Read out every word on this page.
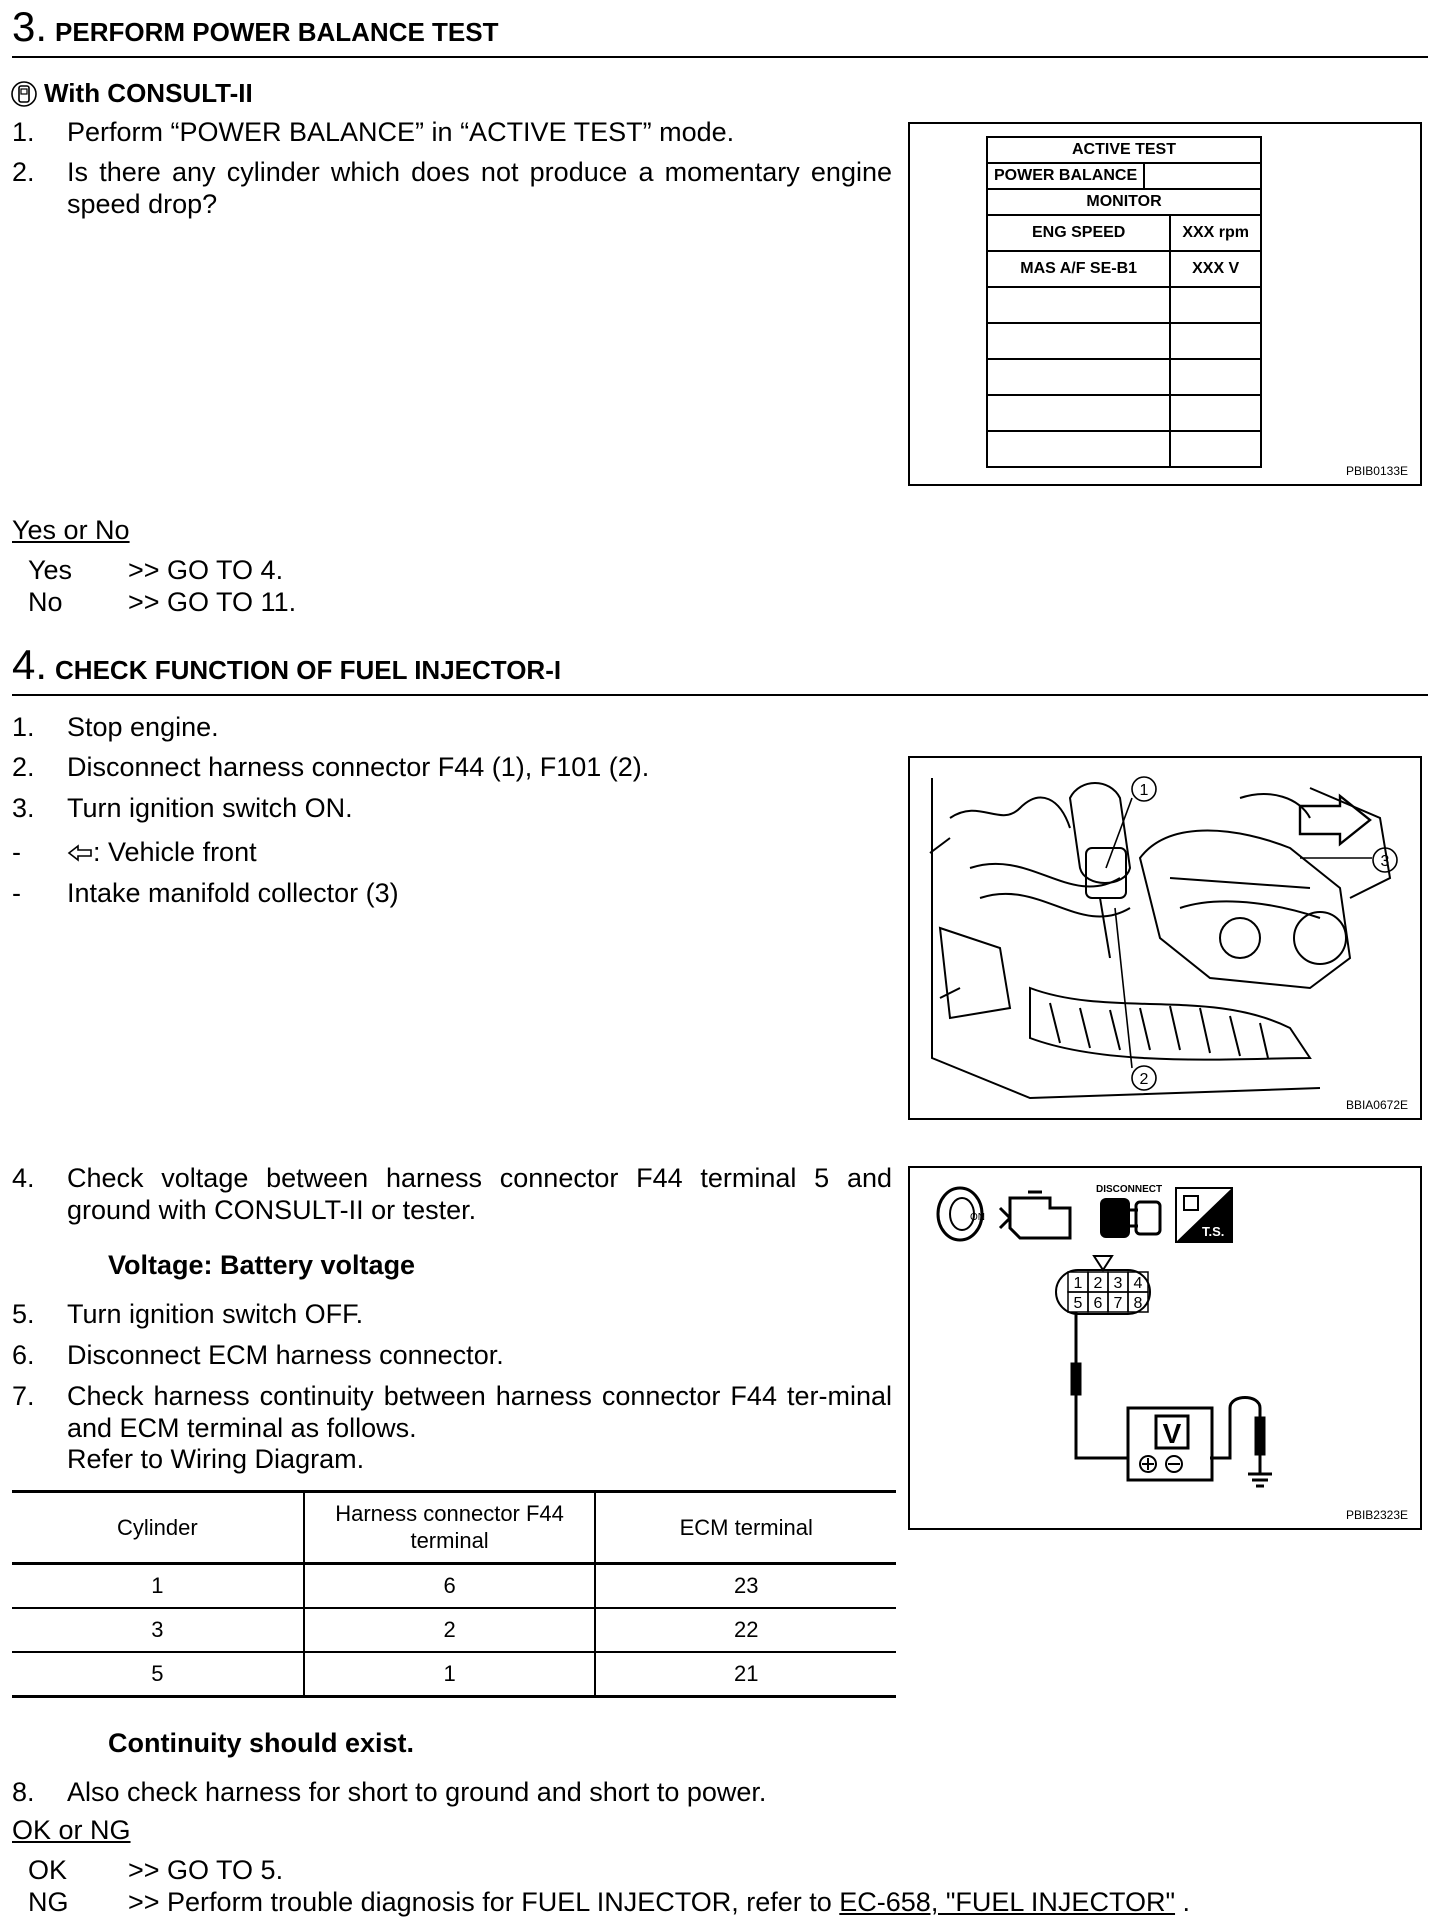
3. PERFORM POWER BALANCE TEST
With CONSULT-II
1. Perform “POWER BALANCE” in “ACTIVE TEST” mode.
2. Is there any cylinder which does not produce a momentary engine speed drop?
ACTIVE TEST	
POWER BALANCE	
MONITOR	
ENG SPEED	XXX rpm
MAS A/F SE-B1	XXX V

PBIB0133E
Yes or No
Yes >> GO TO 4.
No >> GO TO 11.
4. CHECK FUNCTION OF FUEL INJECTOR-I
1. Stop engine.
2. Disconnect harness connector F44 (1), F101 (2).
3. Turn ignition switch ON.
-	: Vehicle front
- Intake manifold collector (3)
1
2
3
BBIA0672E
4. Check voltage between harness connector F44 terminal 5 and ground with CONSULT-II or tester.
Voltage: Battery voltage
5. Turn ignition switch OFF.
6. Disconnect ECM harness connector.
7. Check harness continuity between harness connector F44 ter-minal and ECM terminal as follows.
Refer to Wiring Diagram.
ON
DISCONNECT
T.S.
1 2 3 4
5 6 7 8
V
PBIB2323E
Cylinder	Harness connector F44 terminal	ECM terminal
1	6	23
3	2	22
5	1	21
Continuity should exist.
8. Also check harness for short to ground and short to power.
OK or NG
OK >> GO TO 5.
NG >> Perform trouble diagnosis for FUEL INJECTOR, refer to EC-658, "FUEL INJECTOR" .
